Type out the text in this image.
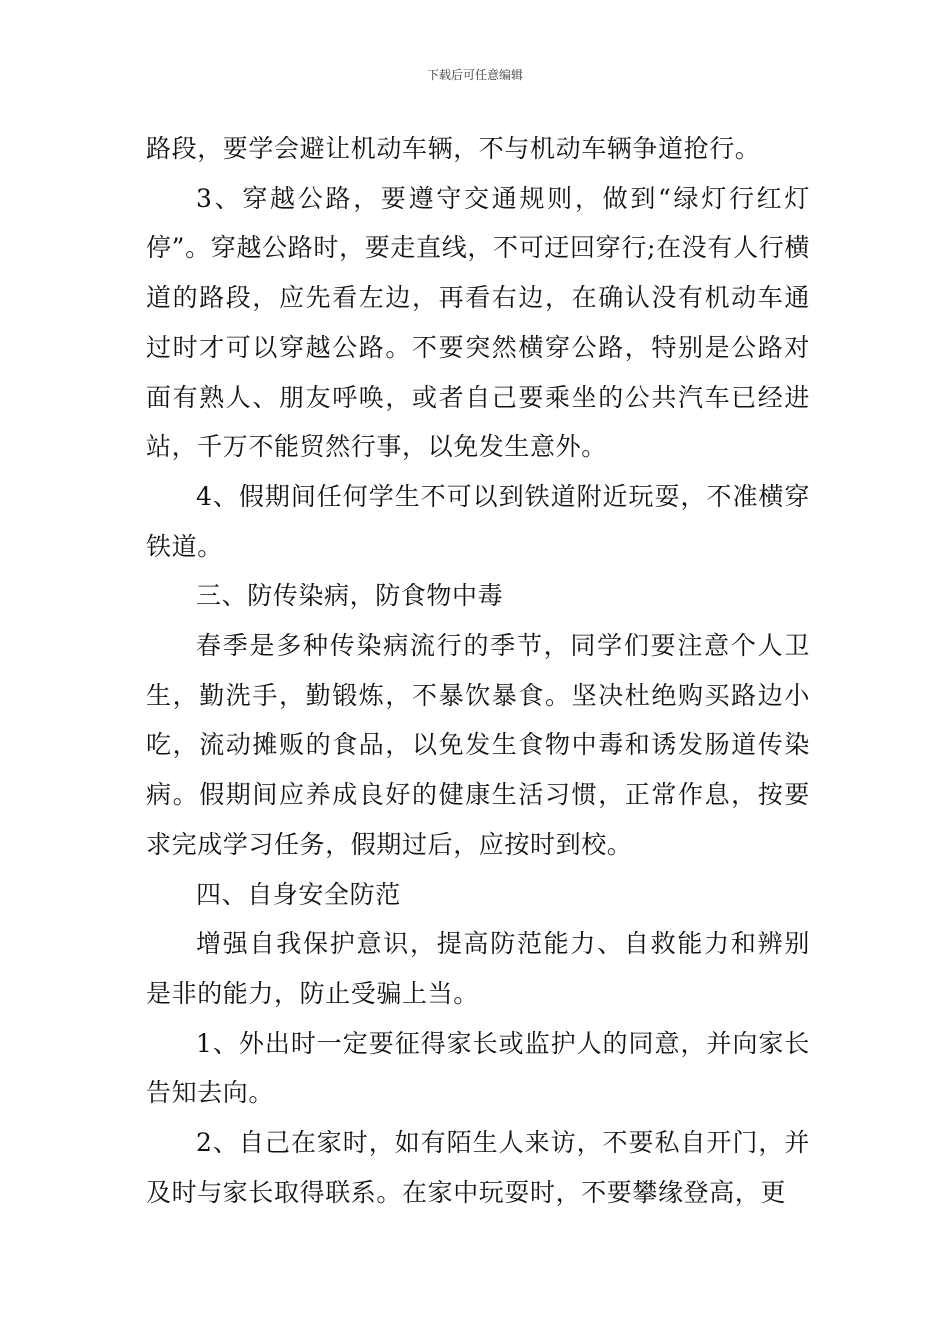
下载后可任意编辑

路段，要学会避让机动车辆，不与机动车辆争道抢行。

3、穿越公路，要遵守交通规则，做到“绿灯行红灯停”。穿越公路时，要走直线，不可迂回穿行;在没有人行横道的路段，应先看左边，再看右边，在确认没有机动车通过时才可以穿越公路。不要突然横穿公路，特别是公路对面有熟人、朋友呼唤，或者自己要乘坐的公共汽车已经进站，千万不能贸然行事，以免发生意外。

4、假期间任何学生不可以到铁道附近玩耍，不准横穿铁道。

三、防传染病，防食物中毒

春季是多种传染病流行的季节，同学们要注意个人卫生，勤洗手，勤锻炼，不暴饮暴食。坚决杜绝购买路边小吃，流动摊贩的食品，以免发生食物中毒和诱发肠道传染病。假期间应养成良好的健康生活习惯，正常作息，按要求完成学习任务，假期过后，应按时到校。

四、自身安全防范

增强自我保护意识，提高防范能力、自救能力和辨别是非的能力，防止受骗上当。

1、外出时一定要征得家长或监护人的同意，并向家长告知去向。

2、自己在家时，如有陌生人来访，不要私自开门，并及时与家长取得联系。在家中玩耍时，不要攀缘登高，更
